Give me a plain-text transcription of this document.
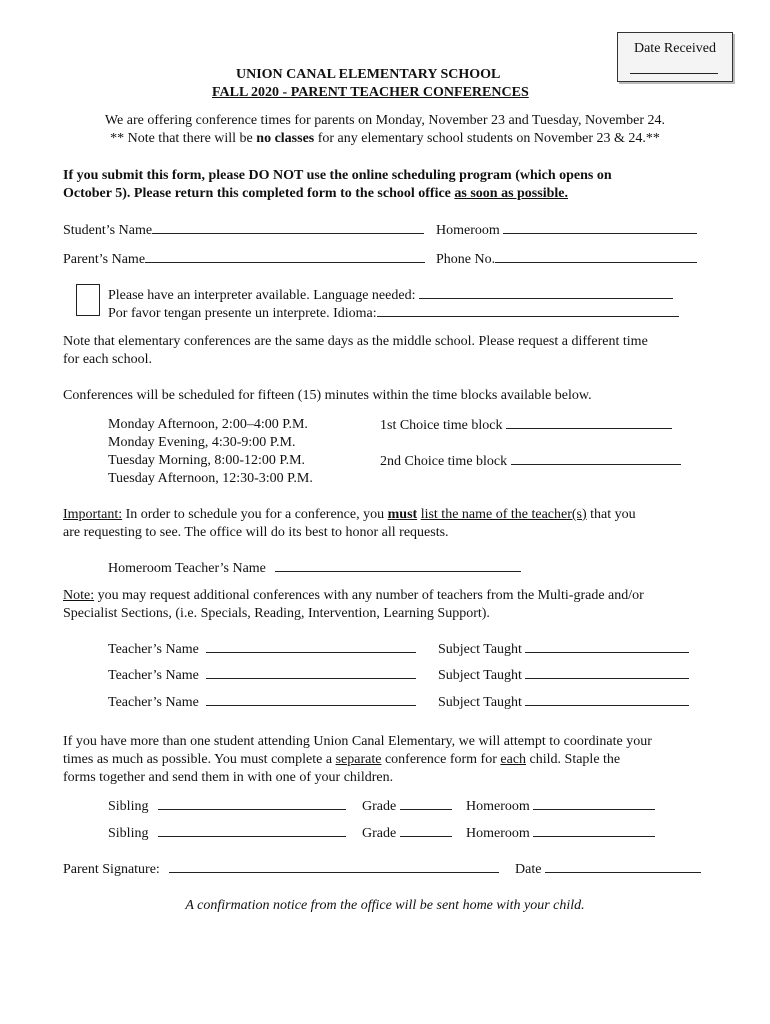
Date Received
UNION CANAL ELEMENTARY SCHOOL
FALL 2020 - PARENT TEACHER CONFERENCES
We are offering conference times for parents on Monday, November 23 and Tuesday, November 24.
** Note that there will be no classes for any elementary school students on November 23 & 24.**
If you submit this form, please DO NOT use the online scheduling program (which opens on
October 5). Please return this completed form to the school office as soon as possible.
Student’s Name	Homeroom
Parent’s Name	Phone No.
Please have an interpreter available. Language needed:
Por favor tengan presente un interprete. Idioma:
Note that elementary conferences are the same days as the middle school. Please request a different time
for each school.
Conferences will be scheduled for fifteen (15) minutes within the time blocks available below.
Monday Afternoon, 2:00–4:00 P.M.
Monday Evening, 4:30-9:00 P.M.
Tuesday Morning, 8:00-12:00 P.M.
Tuesday Afternoon, 12:30-3:00 P.M.
1st Choice time block
2nd Choice time block
Important: In order to schedule you for a conference, you must list the name of the teacher(s) that you
are requesting to see. The office will do its best to honor all requests.
Homeroom Teacher’s Name
Note: you may request additional conferences with any number of teachers from the Multi-grade and/or
Specialist Sections, (i.e. Specials, Reading, Intervention, Learning Support).
Teacher’s Name	Subject Taught
Teacher’s Name	Subject Taught
Teacher’s Name	Subject Taught
If you have more than one student attending Union Canal Elementary, we will attempt to coordinate your
times as much as possible. You must complete a separate conference form for each child. Staple the
forms together and send them in with one of your children.
Sibling	Grade	Homeroom
Sibling	Grade	Homeroom
Parent Signature:	Date
A confirmation notice from the office will be sent home with your child.
